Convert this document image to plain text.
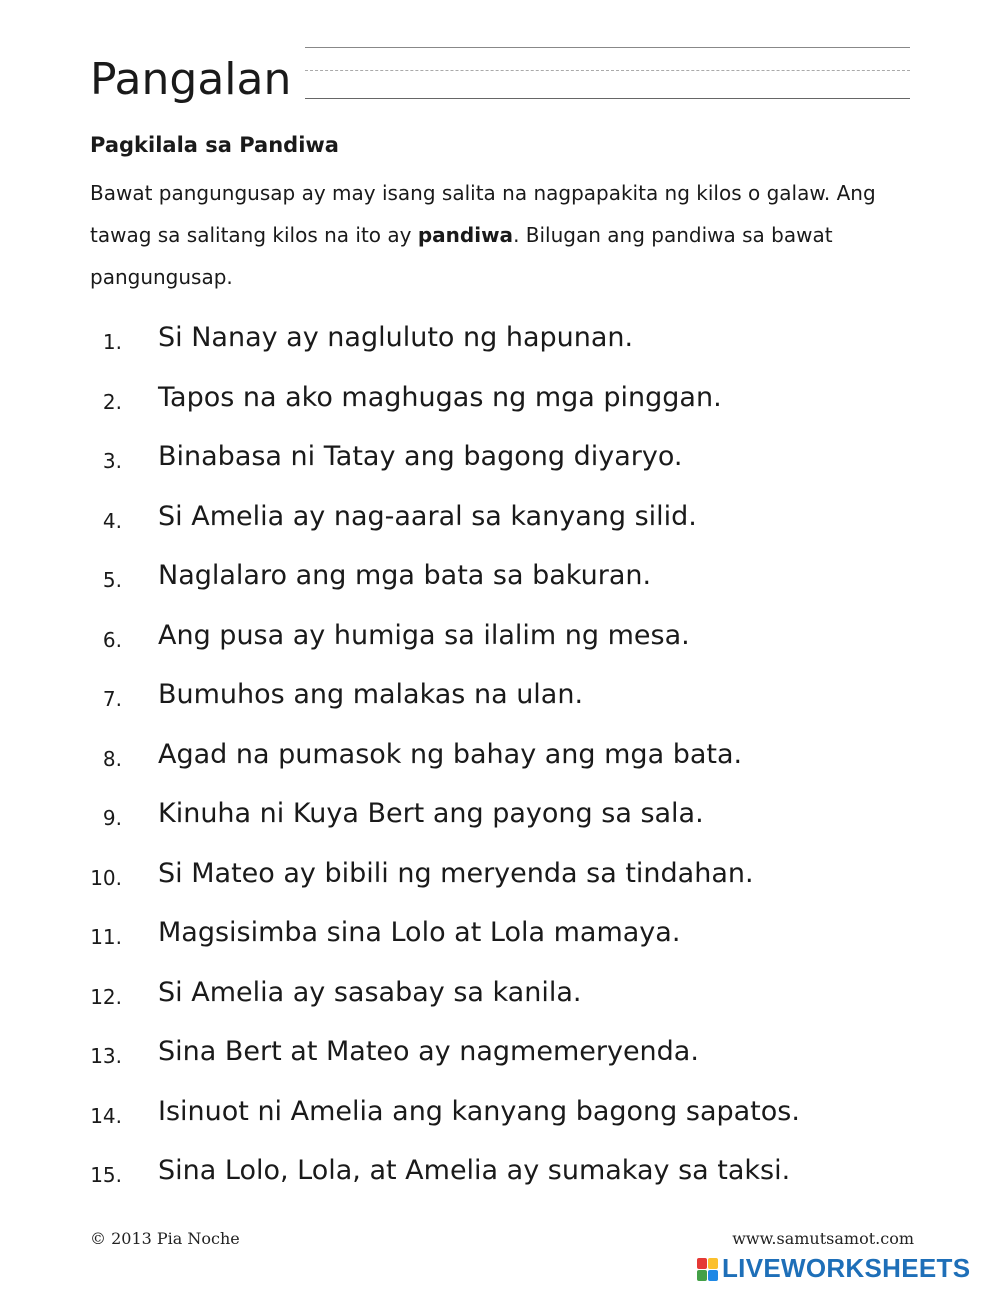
Pangalan
Pagkilala sa Pandiwa
Bawat pangungusap ay may isang salita na nagpapakita ng kilos o galaw. Ang tawag sa salitang kilos na ito ay pandiwa. Bilugan ang pandiwa sa bawat pangungusap.
1. Si Nanay ay nagluluto ng hapunan.
2. Tapos na ako maghugas ng mga pinggan.
3. Binabasa ni Tatay ang bagong diyaryo.
4. Si Amelia ay nag-aaral sa kanyang silid.
5. Naglalaro ang mga bata sa bakuran.
6. Ang pusa ay humiga sa ilalim ng mesa.
7. Bumuhos ang malakas na ulan.
8. Agad na pumasok ng bahay ang mga bata.
9. Kinuha ni Kuya Bert ang payong sa sala.
10. Si Mateo ay bibili ng meryenda sa tindahan.
11. Magsisimba sina Lolo at Lola mamaya.
12. Si Amelia ay sasabay sa kanila.
13. Sina Bert at Mateo ay nagmemeryenda.
14. Isinuot ni Amelia ang kanyang bagong sapatos.
15. Sina Lolo, Lola, at Amelia ay sumakay sa taksi.
© 2013 Pia Noche	www.samutsamot.com
LIVEWORKSHEETS
